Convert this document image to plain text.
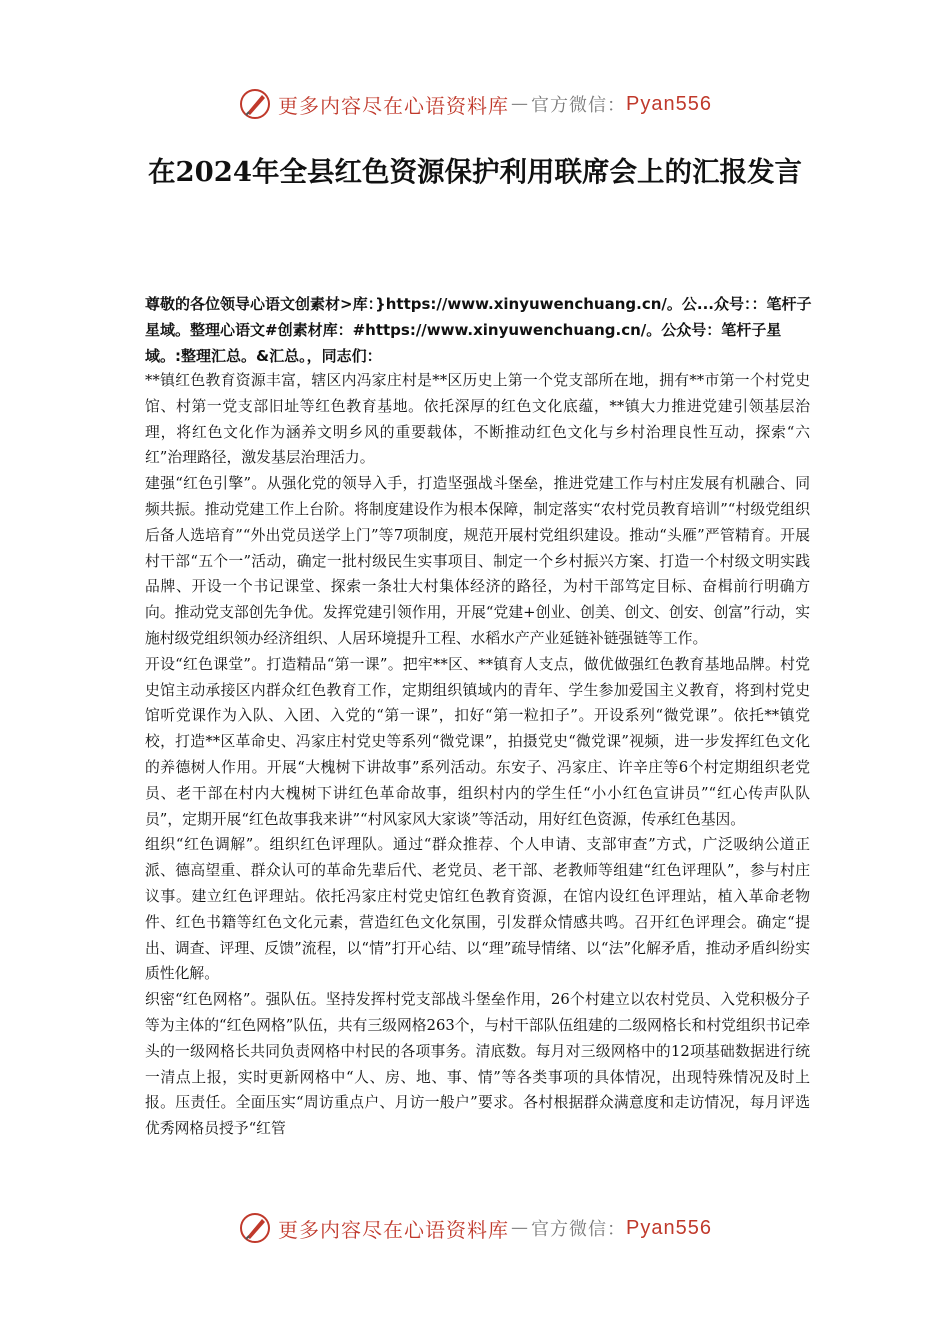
更多内容尽在心语资料库 — 官方微信： Pyan556
在2024年全县红色资源保护利用联席会上的汇报发言

尊敬的各位领导心语文创素材>库：}https://www.xinyuwenchuang.cn/。公...众号：：笔杆子星域。整理心语文#创素材库：#https://www.xinyuwenchuang.cn/。公众号：笔杆子星域。:整理汇总。&汇总。，同志们：

**镇红色教育资源丰富，辖区内冯家庄村是**区历史上第一个党支部所在地，拥有**市第一个村党史馆、村第一党支部旧址等红色教育基地。依托深厚的红色文化底蕴，**镇大力推进党建引领基层治理，将红色文化作为涵养文明乡风的重要载体，不断推动红色文化与乡村治理良性互动，探索“六红”治理路径，激发基层治理活力。

建强“红色引擎”。从强化党的领导入手，打造坚强战斗堡垒，推进党建工作与村庄发展有机融合、同频共振。推动党建工作上台阶。将制度建设作为根本保障，制定落实“农村党员教育培训”“村级党组织后备人选培育”“外出党员送学上门”等7项制度，规范开展村党组织建设。推动“头雁”严管精育。开展村干部“五个一”活动，确定一批村级民生实事项目、制定一个乡村振兴方案、打造一个村级文明实践品牌、开设一个书记课堂、探索一条壮大村集体经济的路径，为村干部笃定目标、奋楫前行明确方向。推动党支部创先争优。发挥党建引领作用，开展“党建+创业、创美、创文、创安、创富”行动，实施村级党组织领办经济组织、人居环境提升工程、水稻水产产业延链补链强链等工作。

开设“红色课堂”。打造精品“第一课”。把牢**区、**镇育人支点，做优做强红色教育基地品牌。村党史馆主动承接区内群众红色教育工作，定期组织镇域内的青年、学生参加爱国主义教育，将到村党史馆听党课作为入队、入团、入党的“第一课”，扣好“第一粒扣子”。开设系列“微党课”。依托**镇党校，打造**区革命史、冯家庄村党史等系列“微党课”，拍摄党史“微党课”视频，进一步发挥红色文化的养德树人作用。开展“大槐树下讲故事”系列活动。东安子、冯家庄、许辛庄等6个村定期组织老党员、老干部在村内大槐树下讲红色革命故事，组织村内的学生任“小小红色宣讲员”“红心传声队队员”，定期开展“红色故事我来讲”“村风家风大家谈”等活动，用好红色资源，传承红色基因。

组织“红色调解”。组织红色评理队。通过“群众推荐、个人申请、支部审查”方式，广泛吸纳公道正派、德高望重、群众认可的革命先辈后代、老党员、老干部、老教师等组建“红色评理队”，参与村庄议事。建立红色评理站。依托冯家庄村党史馆红色教育资源，在馆内设红色评理站，植入革命老物件、红色书籍等红色文化元素，营造红色文化氛围，引发群众情感共鸣。召开红色评理会。确定“提出、调查、评理、反馈”流程，以“情”打开心结、以“理”疏导情绪、以“法”化解矛盾，推动矛盾纠纷实质性化解。

织密“红色网格”。强队伍。坚持发挥村党支部战斗堡垒作用，26个村建立以农村党员、入党积极分子等为主体的“红色网格”队伍，共有三级网格263个，与村干部队伍组建的二级网格长和村党组织书记牵头的一级网格长共同负责网格中村民的各项事务。清底数。每月对三级网格中的12项基础数据进行统一清点上报，实时更新网格中“人、房、地、事、情”等各类事项的具体情况，出现特殊情况及时上报。压责任。全面压实“周访重点户、月访一般户”要求。各村根据群众满意度和走访情况，每月评选优秀网格员授予“红管

更多内容尽在心语资料库 — 官方微信： Pyan556
